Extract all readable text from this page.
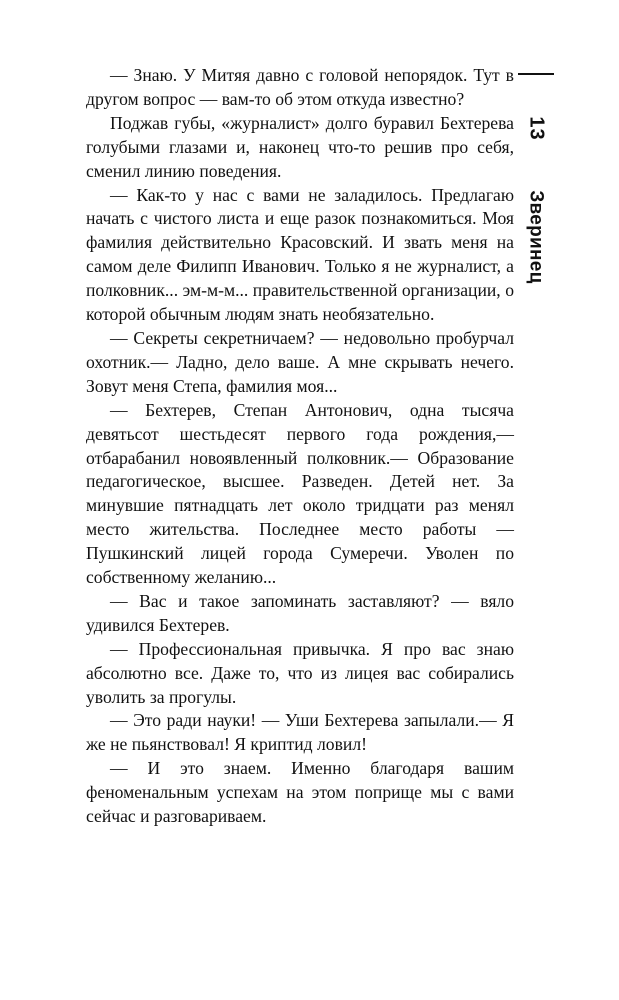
— Знаю. У Митяя давно с головой непорядок. Тут в другом вопрос — вам-то об этом откуда известно?

Поджав губы, «журналист» долго буравил Бехтерева голубыми глазами и, наконец что-то решив про себя, сменил линию поведения.

— Как-то у нас с вами не заладилось. Предлагаю начать с чистого листа и еще разок познакомиться. Моя фамилия действительно Красовский. И звать меня на самом деле Филипп Иванович. Только я не журналист, а полковник... эм-м-м... правительственной организации, о которой обычным людям знать необязательно.

— Секреты секретничаем? — недовольно пробурчал охотник.— Ладно, дело ваше. А мне скрывать нечего. Зовут меня Степа, фамилия моя...

— Бехтерев, Степан Антонович, одна тысяча девятьсот шестьдесят первого года рождения,— отбарабанил новоявленный полковник.— Образование педагогическое, высшее. Разведен. Детей нет. За минувшие пятнадцать лет около тридцати раз менял место жительства. Последнее место работы — Пушкинский лицей города Сумеречи. Уволен по собственному желанию...

— Вас и такое запоминать заставляют? — вяло удивился Бехтерев.

— Профессиональная привычка. Я про вас знаю абсолютно все. Даже то, что из лицея вас собирались уволить за прогулы.

— Это ради науки! — Уши Бехтерева запылали.— Я же не пьянствовал! Я криптид ловил!

— И это знаем. Именно благодаря вашим феноменальным успехам на этом поприще мы с вами сейчас и разговариваем.

13
Зверинец
